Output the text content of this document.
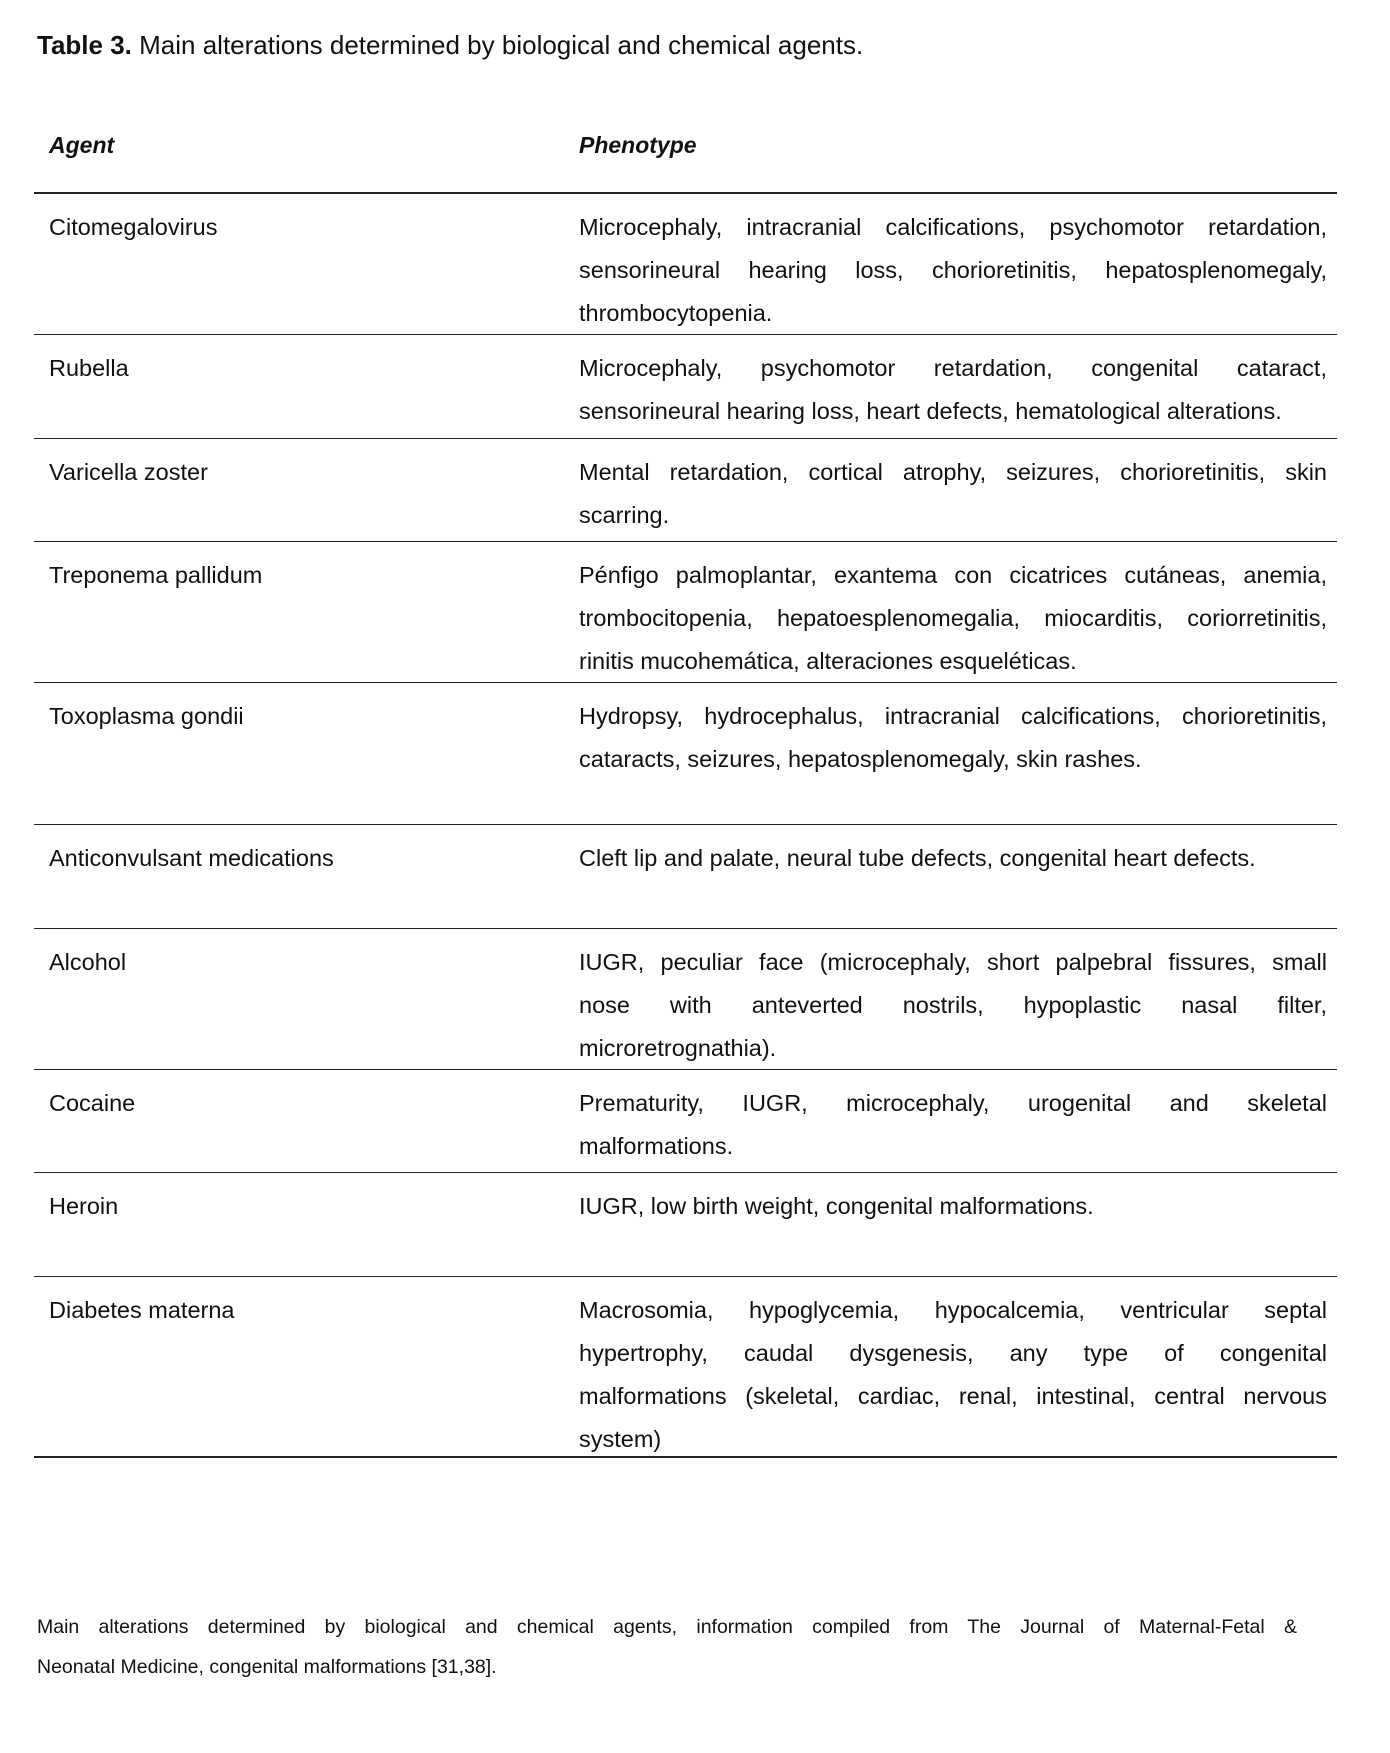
Table 3. Main alterations determined by biological and chemical agents.
Agent	Phenotype
Citomegalovirus	Microcephaly, intracranial calcifications, psychomotor retardation,
sensorineural hearing loss, chorioretinitis, hepatosplenomegaly,
thrombocytopenia.
Rubella	Microcephaly, psychomotor retardation, congenital cataract,
sensorineural hearing loss, heart defects, hematological alterations.
Varicella zoster	Mental retardation, cortical atrophy, seizures, chorioretinitis, skin
scarring.
Treponema pallidum	Pénfigo palmoplantar, exantema con cicatrices cutáneas, anemia,
trombocitopenia, hepatoesplenomegalia, miocarditis, coriorretinitis,
rinitis mucohemática, alteraciones esqueléticas.
Toxoplasma gondii	Hydropsy, hydrocephalus, intracranial calcifications, chorioretinitis,
cataracts, seizures, hepatosplenomegaly, skin rashes.
Anticonvulsant medications	Cleft lip and palate, neural tube defects, congenital heart defects.
Alcohol	IUGR, peculiar face (microcephaly, short palpebral fissures, small
nose with anteverted nostrils, hypoplastic nasal filter,
microretrognathia).
Cocaine	Prematurity, IUGR, microcephaly, urogenital and skeletal
malformations.
Heroin	IUGR, low birth weight, congenital malformations.
Diabetes materna	Macrosomia, hypoglycemia, hypocalcemia, ventricular septal
hypertrophy, caudal dysgenesis, any type of congenital
malformations (skeletal, cardiac, renal, intestinal, central nervous
system)
Main alterations determined by biological and chemical agents, information compiled from The Journal of Maternal-Fetal &
Neonatal Medicine, congenital malformations [31,38].
